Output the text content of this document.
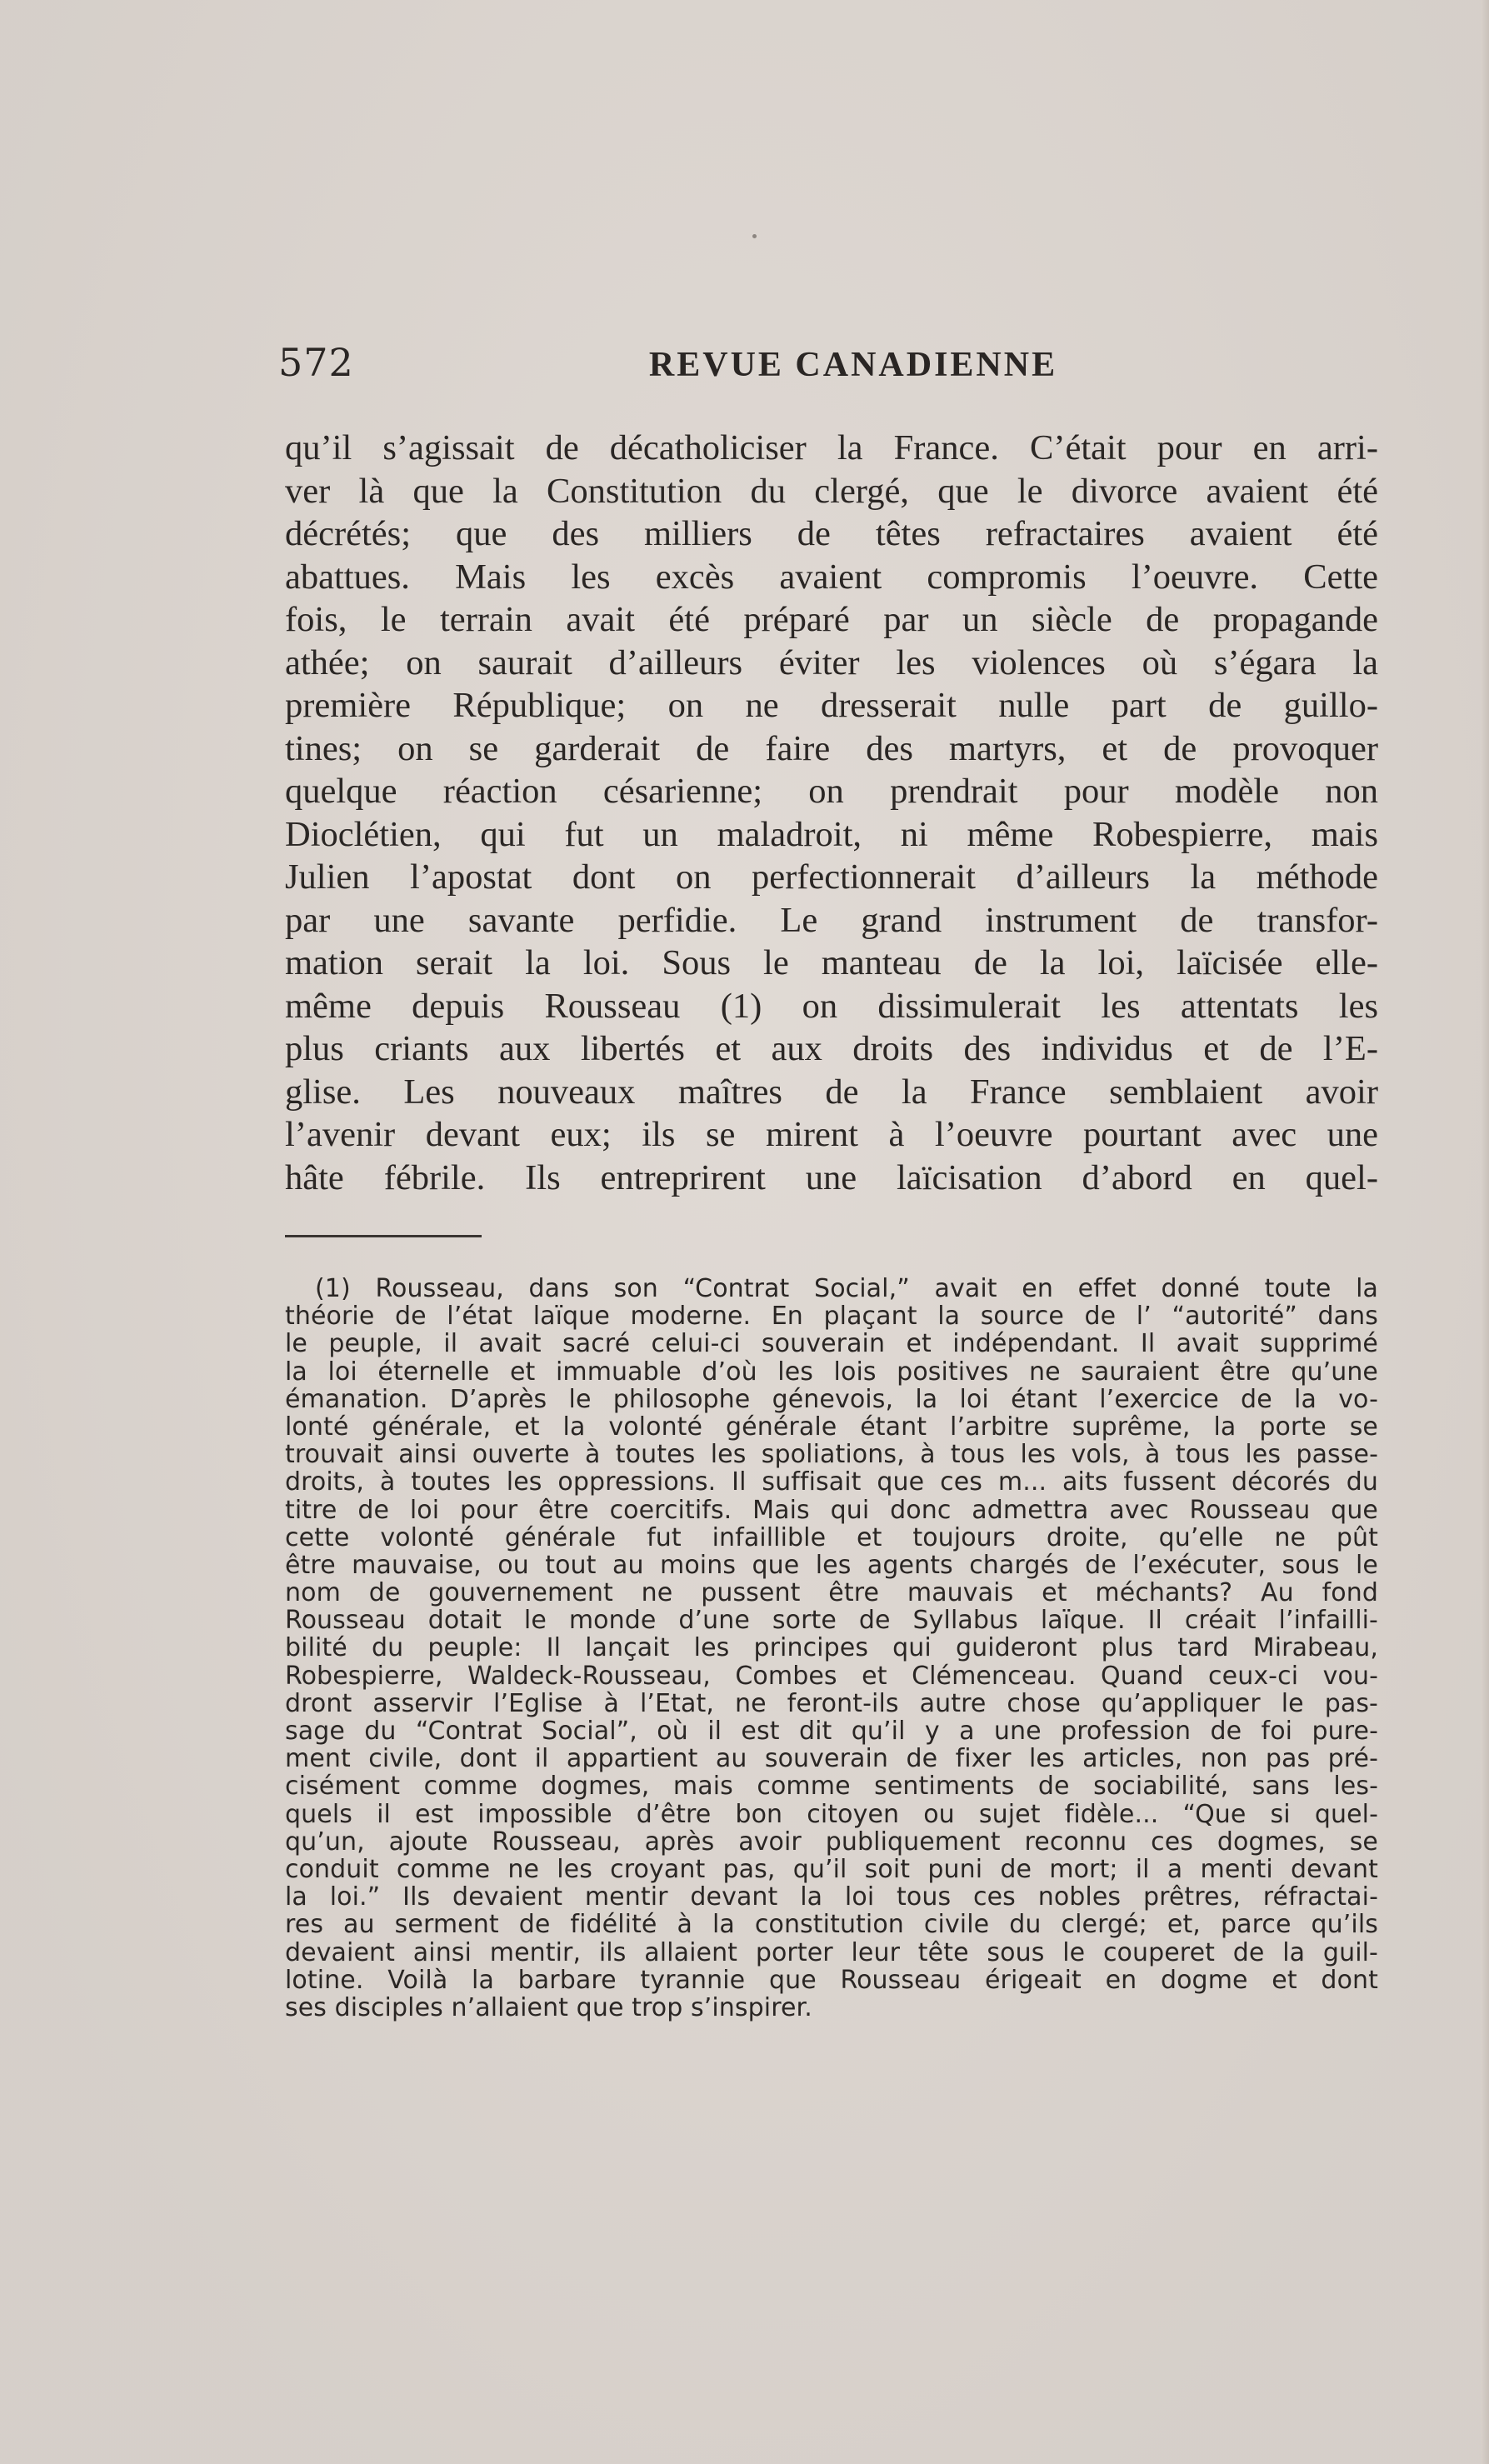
572	REVUE CANADIENNE
qu’il s’agissait de décatholiciser la France. C’était pour en arri-
ver là que la Constitution du clergé, que le divorce avaient été
décrétés; que des milliers de têtes refractaires avaient été
abattues. Mais les excès avaient compromis l’oeuvre. Cette
fois, le terrain avait été préparé par un siècle de propagande
athée; on saurait d’ailleurs éviter les violences où s’égara la
première République; on ne dresserait nulle part de guillo-
tines; on se garderait de faire des martyrs, et de provoquer
quelque réaction césarienne; on prendrait pour modèle non
Dioclétien, qui fut un maladroit, ni même Robespierre, mais
Julien l’apostat dont on perfectionnerait d’ailleurs la méthode
par une savante perfidie. Le grand instrument de transfor-
mation serait la loi. Sous le manteau de la loi, laïcisée elle-
même depuis Rousseau (1) on dissimulerait les attentats les
plus criants aux libertés et aux droits des individus et de l’E-
glise. Les nouveaux maîtres de la France semblaient avoir
l’avenir devant eux; ils se mirent à l’oeuvre pourtant avec une
hâte fébrile. Ils entreprirent une laïcisation d’abord en quel-
(1) Rousseau, dans son “Contrat Social,” avait en effet donné toute la
théorie de l’état laïque moderne. En plaçant la source de l’ “autorité” dans
le peuple, il avait sacré celui-ci souverain et indépendant. Il avait supprimé
la loi éternelle et immuable d’où les lois positives ne sauraient être qu’une
émanation. D’après le philosophe génevois, la loi étant l’exercice de la vo-
lonté générale, et la volonté générale étant l’arbitre suprême, la porte se
trouvait ainsi ouverte à toutes les spoliations, à tous les vols, à tous les passe-
droits, à toutes les oppressions. Il suffisait que ces m... aits fussent décorés du
titre de loi pour être coercitifs. Mais qui donc admettra avec Rousseau que
cette volonté générale fut infaillible et toujours droite, qu’elle ne pût
être mauvaise, ou tout au moins que les agents chargés de l’exécuter, sous le
nom de gouvernement ne pussent être mauvais et méchants? Au fond
Rousseau dotait le monde d’une sorte de Syllabus laïque. Il créait l’infailli-
bilité du peuple: Il lançait les principes qui guideront plus tard Mirabeau,
Robespierre, Waldeck-Rousseau, Combes et Clémenceau. Quand ceux-ci vou-
dront asservir l’Eglise à l’Etat, ne feront-ils autre chose qu’appliquer le pas-
sage du “Contrat Social”, où il est dit qu’il y a une profession de foi pure-
ment civile, dont il appartient au souverain de fixer les articles, non pas pré-
cisément comme dogmes, mais comme sentiments de sociabilité, sans les-
quels il est impossible d’être bon citoyen ou sujet fidèle... “Que si quel-
qu’un, ajoute Rousseau, après avoir publiquement reconnu ces dogmes, se
conduit comme ne les croyant pas, qu’il soit puni de mort; il a menti devant
la loi.” Ils devaient mentir devant la loi tous ces nobles prêtres, réfractai-
res au serment de fidélité à la constitution civile du clergé; et, parce qu’ils
devaient ainsi mentir, ils allaient porter leur tête sous le couperet de la guil-
lotine. Voilà la barbare tyrannie que Rousseau érigeait en dogme et dont
ses disciples n’allaient que trop s’inspirer.
